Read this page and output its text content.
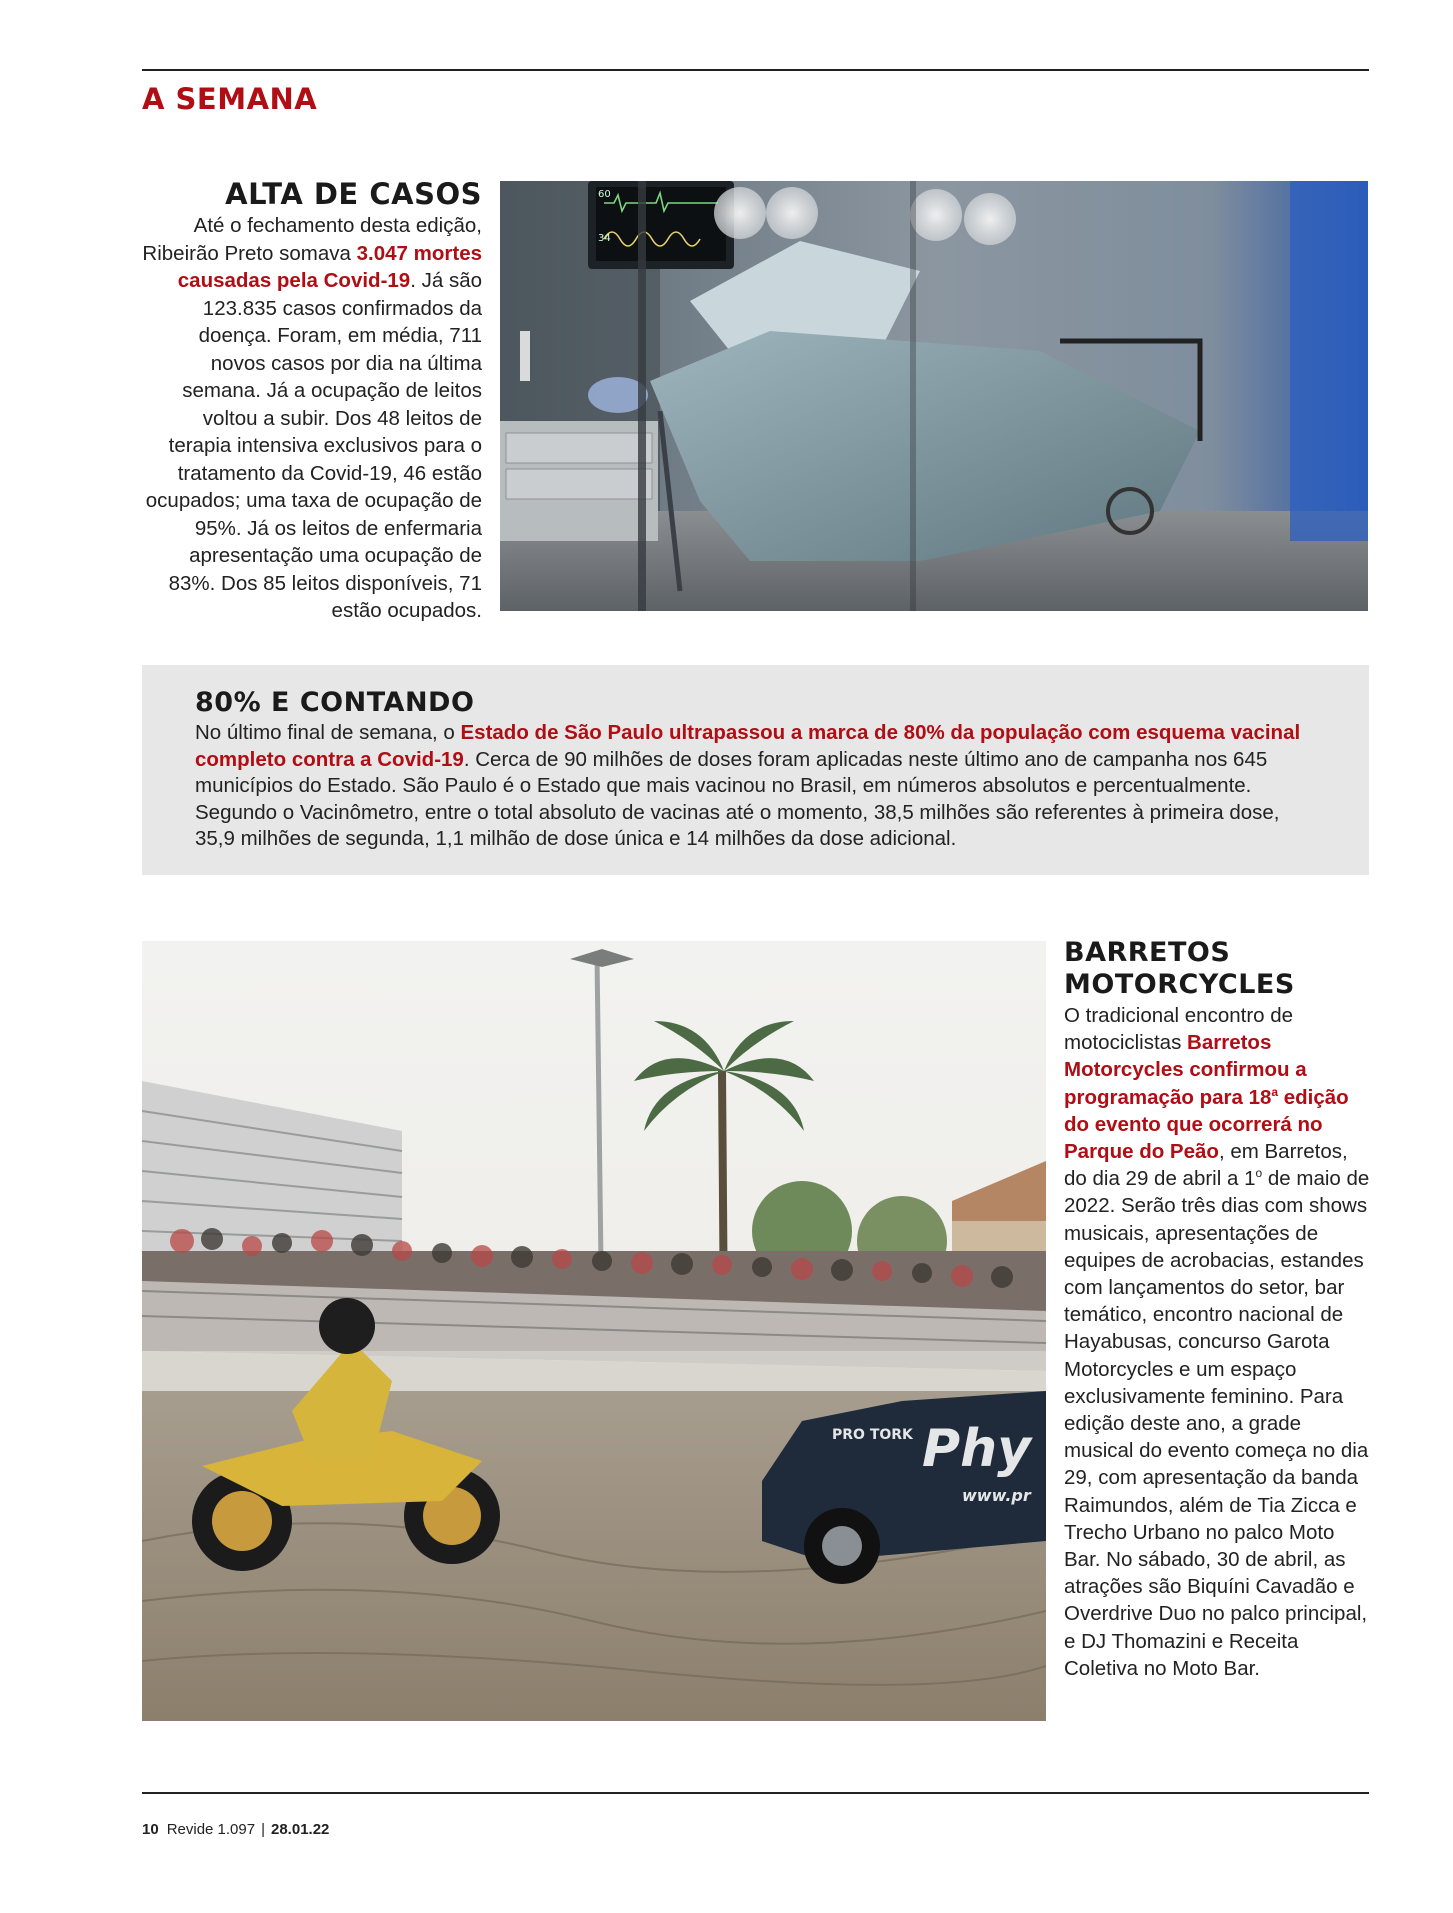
A SEMANA
ALTA DE CASOS
Até o fechamento desta edição, Ribeirão Preto somava 3.047 mortes causadas pela Covid-19. Já são 123.835 casos confirmados da doença. Foram, em média, 711 novos casos por dia na última semana. Já a ocupação de leitos voltou a subir. Dos 48 leitos de terapia intensiva exclusivos para o tratamento da Covid-19, 46 estão ocupados; uma taxa de ocupação de 95%. Já os leitos de enfermaria apresentação uma ocupação de 83%. Dos 85 leitos disponíveis, 71 estão ocupados.
60
34
80% E CONTANDO
No último final de semana, o Estado de São Paulo ultrapassou a marca de 80% da população com esquema vacinal completo contra a Covid-19. Cerca de 90 milhões de doses foram aplicadas neste último ano de campanha nos 645 municípios do Estado. São Paulo é o Estado que mais vacinou no Brasil, em números absolutos e percentualmente. Segundo o Vacinômetro, entre o total absoluto de vacinas até o momento, 38,5 milhões são referentes à primeira dose, 35,9 milhões de segunda, 1,1 milhão de dose única e 14 milhões da dose adicional.
Phy
PRO TORK
www.pr
BARRETOS
MOTORCYCLES
O tradicional encontro de motociclistas Barretos Motorcycles confirmou a programação para 18$^a$ edição do evento que ocorrerá no Parque do Peão, em Barretos, do dia 29 de abril a 1$^o$ de maio de 2022. Serão três dias com shows musicais, apresentações de equipes de acrobacias, estandes com lançamentos do setor, bar temático, encontro nacional de Hayabusas, concurso Garota Motorcycles e um espaço exclusivamente feminino. Para edição deste ano, a grade musical do evento começa no dia 29, com apresentação da banda Raimundos, além de Tia Zicca e Trecho Urbano no palco Moto Bar. No sábado, 30 de abril, as atrações são Biquíni Cavadão e Overdrive Duo no palco principal, e DJ Thomazini e Receita Coletiva no Moto Bar.
10 Revide 1.097 | 28.01.22
